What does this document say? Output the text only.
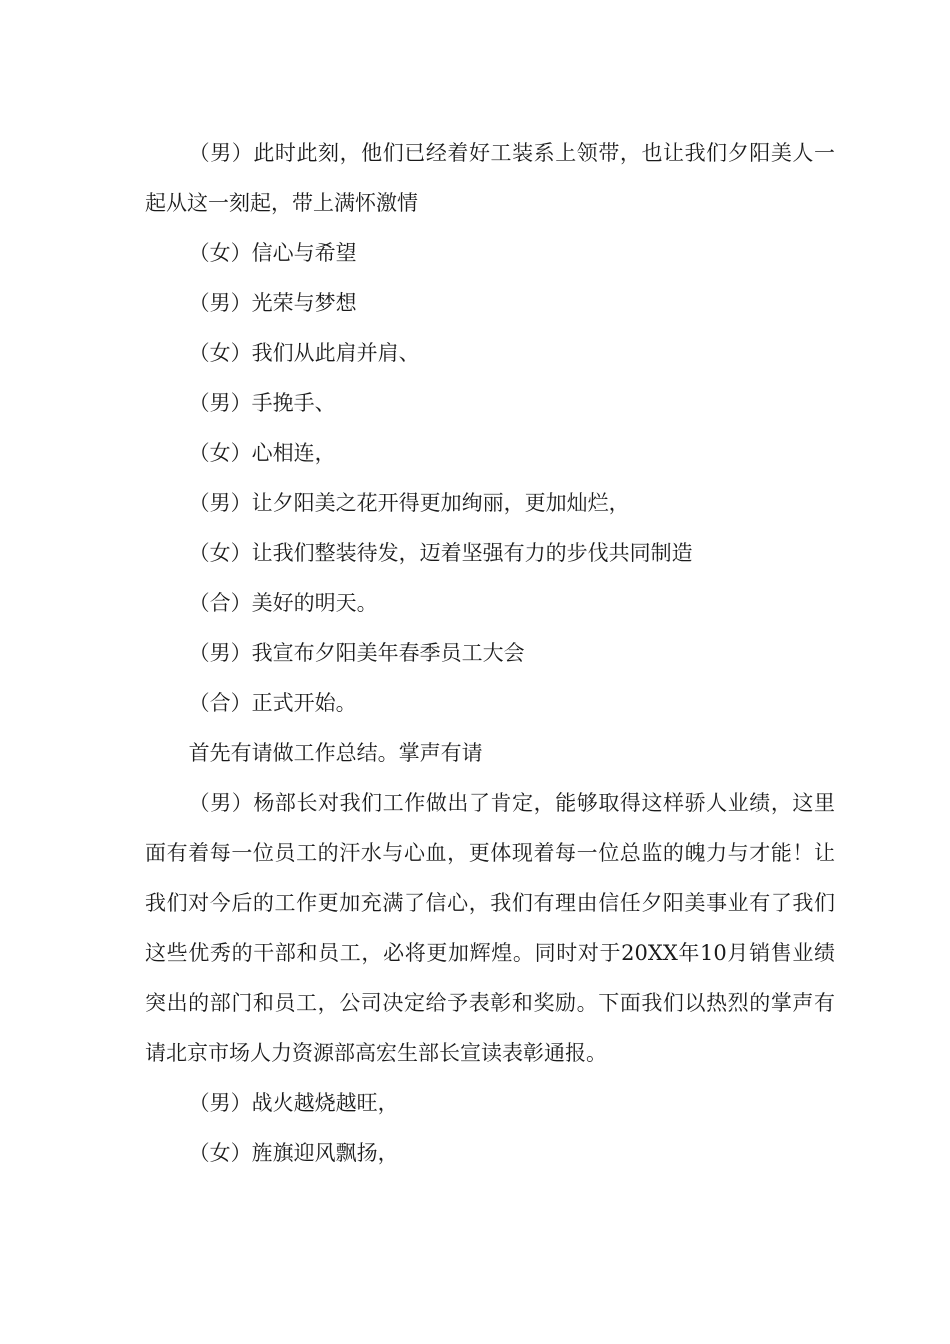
（男）此时此刻，他们已经着好工装系上领带，也让我们夕阳美人一起从这一刻起，带上满怀激情

（女）信心与希望

（男）光荣与梦想

（女）我们从此肩并肩、

（男）手挽手、

（女）心相连，

（男）让夕阳美之花开得更加绚丽，更加灿烂，

（女）让我们整装待发，迈着坚强有力的步伐共同制造

（合）美好的明天。

（男）我宣布夕阳美年春季员工大会

（合）正式开始。

首先有请做工作总结。掌声有请

（男）杨部长对我们工作做出了肯定，能够取得这样骄人业绩，这里面有着每一位员工的汗水与心血，更体现着每一位总监的魄力与才能！让我们对今后的工作更加充满了信心，我们有理由信任夕阳美事业有了我们这些优秀的干部和员工，必将更加辉煌。同时对于20XX年10月销售业绩突出的部门和员工，公司决定给予表彰和奖励。下面我们以热烈的掌声有请北京市场人力资源部高宏生部长宣读表彰通报。

（男）战火越烧越旺，

（女）旌旗迎风飘扬，
